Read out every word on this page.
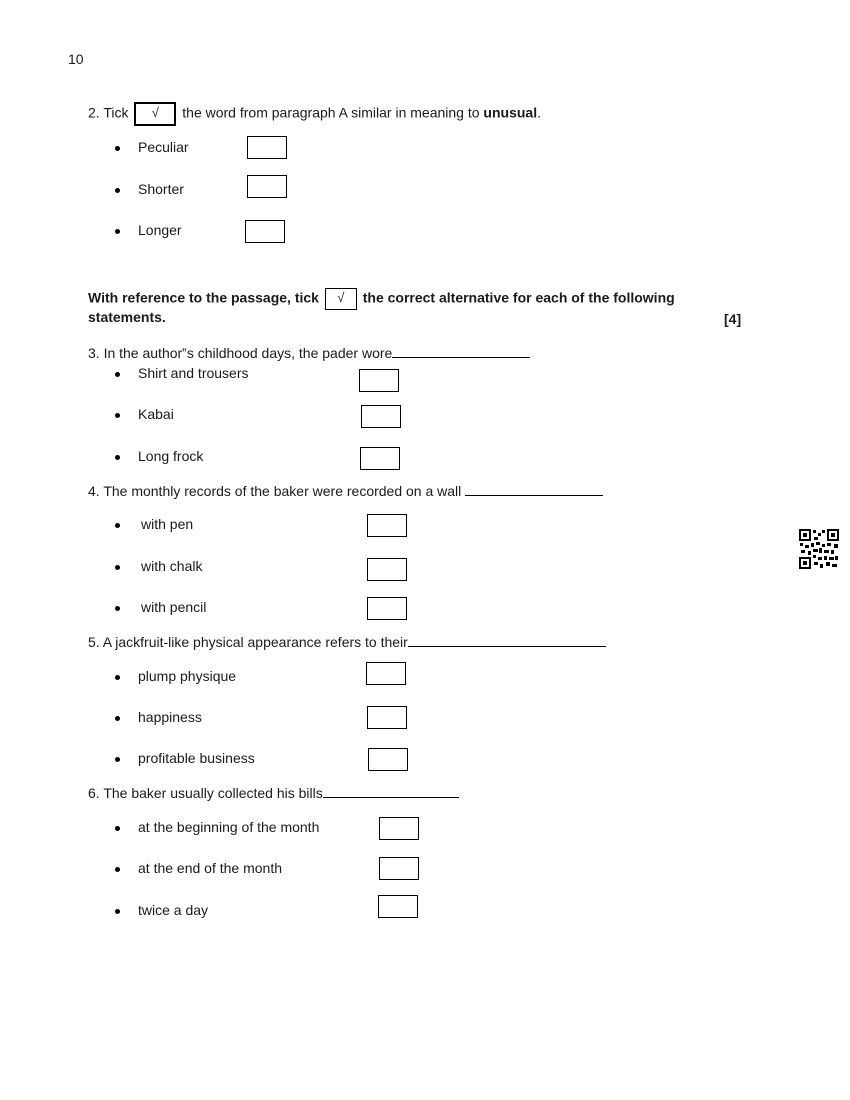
10
2. Tick √ the word from paragraph A similar in meaning to unusual.
Peculiar
Shorter
Longer
With reference to the passage, tick √ the correct alternative for each of the following
statements.	[4]
3. In the author‟s childhood days, the pader wore
Shirt and trousers
Kabai
Long frock
4. The monthly records of the baker were recorded on a wall
with pen
with chalk
with pencil
5. A jackfruit-like physical appearance refers to their
plump physique
happiness
profitable business
6. The baker usually collected his bills
at the beginning of the month
at the end of the month
twice a day
